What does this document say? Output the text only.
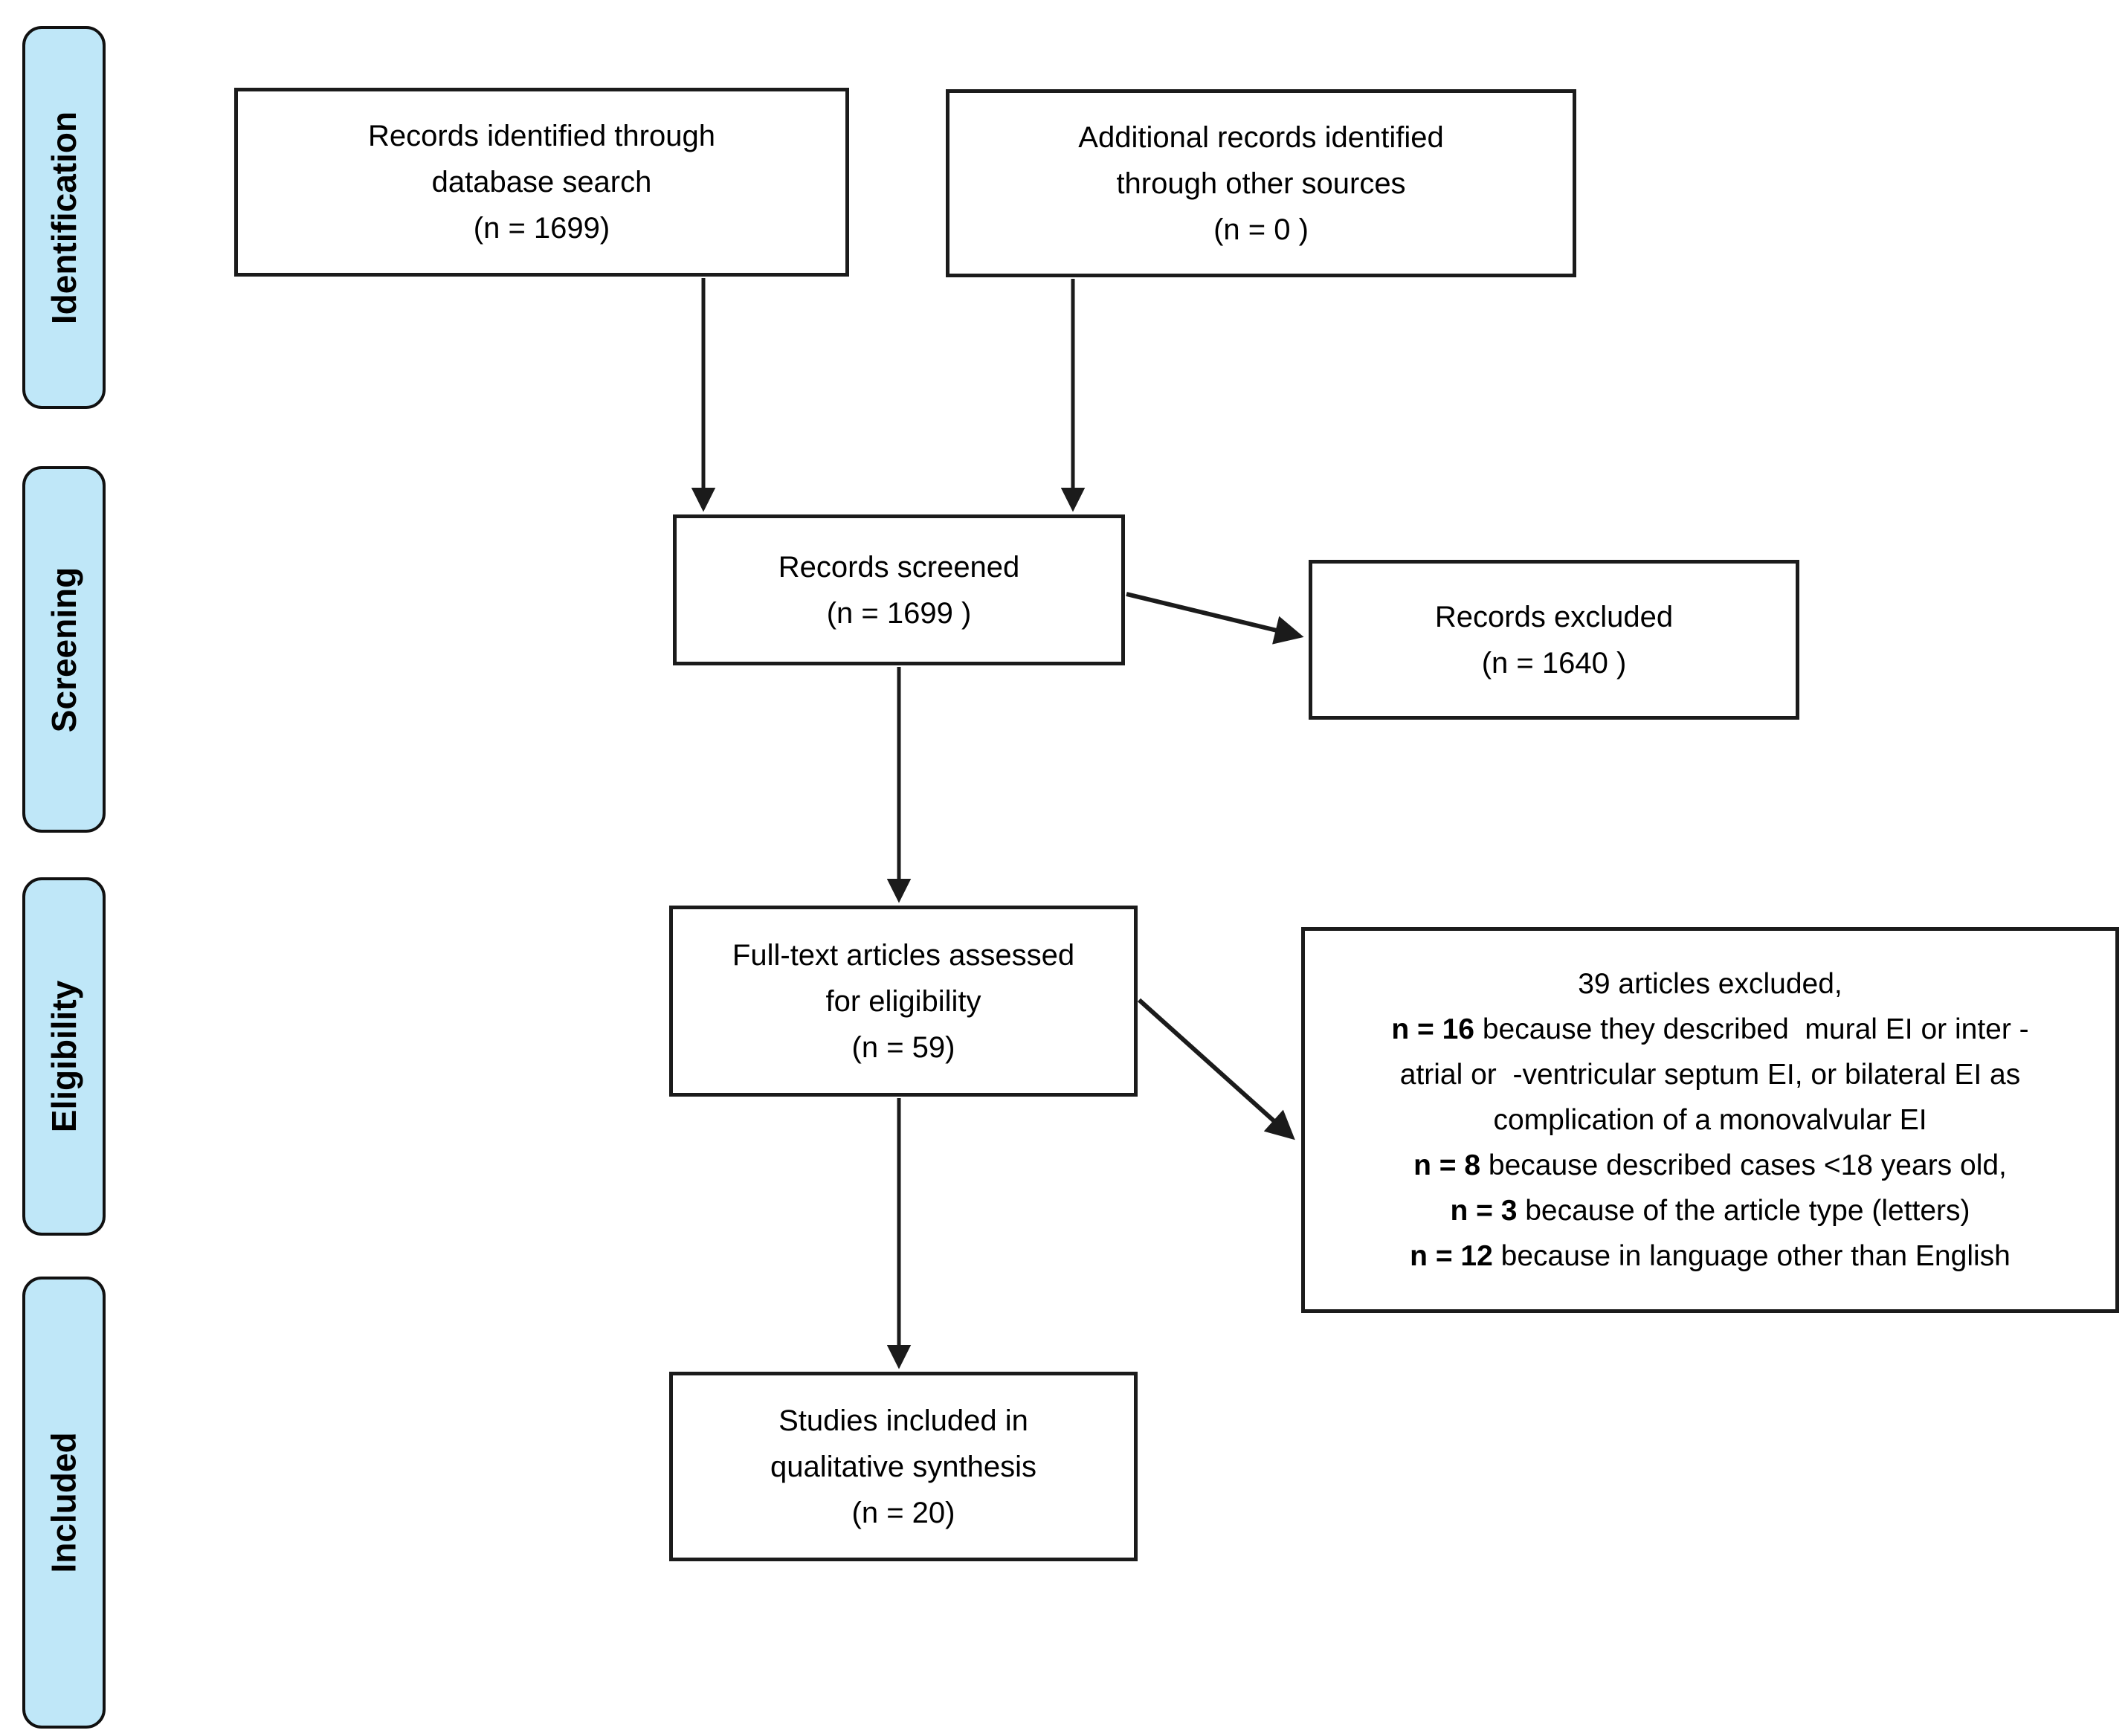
Identification
Screening
Eligibility
Included
Records identified through
database search
(n = 1699)
Additional records identified
through other sources
(n = 0 )
Records screened
(n = 1699 )	Records excluded
(n = 1640 )
Full-text articles assessed
for eligibility
(n = 59)
39 articles excluded,
n = 16 because they described  mural EI or inter -
atrial or  -ventricular septum EI, or bilateral EI as
complication of a monovalvular EI
n = 8 because described cases <18 years old,
n = 3 because of the article type (letters)
n = 12 because in language other than English
Studies included in
qualitative synthesis
(n = 20)
